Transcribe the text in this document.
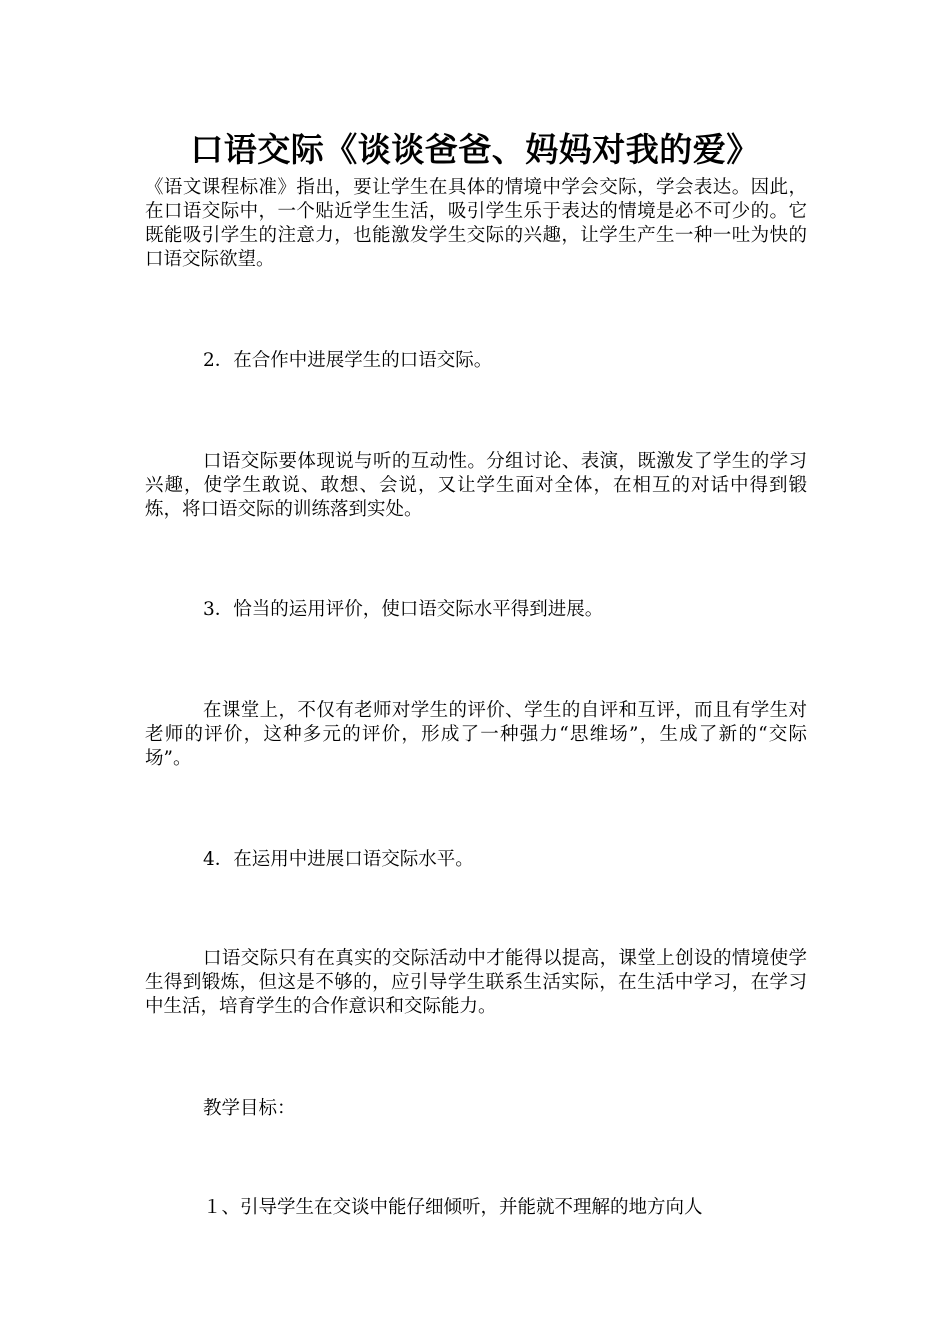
口语交际《谈谈爸爸、妈妈对我的爱》

《语文课程标准》指出，要让学生在具体的情境中学会交际，学会表达。因此，在口语交际中，一个贴近学生生活，吸引学生乐于表达的情境是必不可少的。它既能吸引学生的注意力，也能激发学生交际的兴趣，让学生产生一种一吐为快的口语交际欲望。

2．在合作中进展学生的口语交际。

口语交际要体现说与听的互动性。分组讨论、表演，既激发了学生的学习兴趣，使学生敢说、敢想、会说，又让学生面对全体，在相互的对话中得到锻炼，将口语交际的训练落到实处。

3．恰当的运用评价，使口语交际水平得到进展。

在课堂上，不仅有老师对学生的评价、学生的自评和互评，而且有学生对老师的评价，这种多元的评价，形成了一种强力“思维场”，生成了新的“交际场”。

4．在运用中进展口语交际水平。

口语交际只有在真实的交际活动中才能得以提高，课堂上创设的情境使学生得到锻炼，但这是不够的，应引导学生联系生活实际，在生活中学习，在学习中生活，培育学生的合作意识和交际能力。

教学目标：
１、引导学生在交谈中能仔细倾听，并能就不理解的地方向人
